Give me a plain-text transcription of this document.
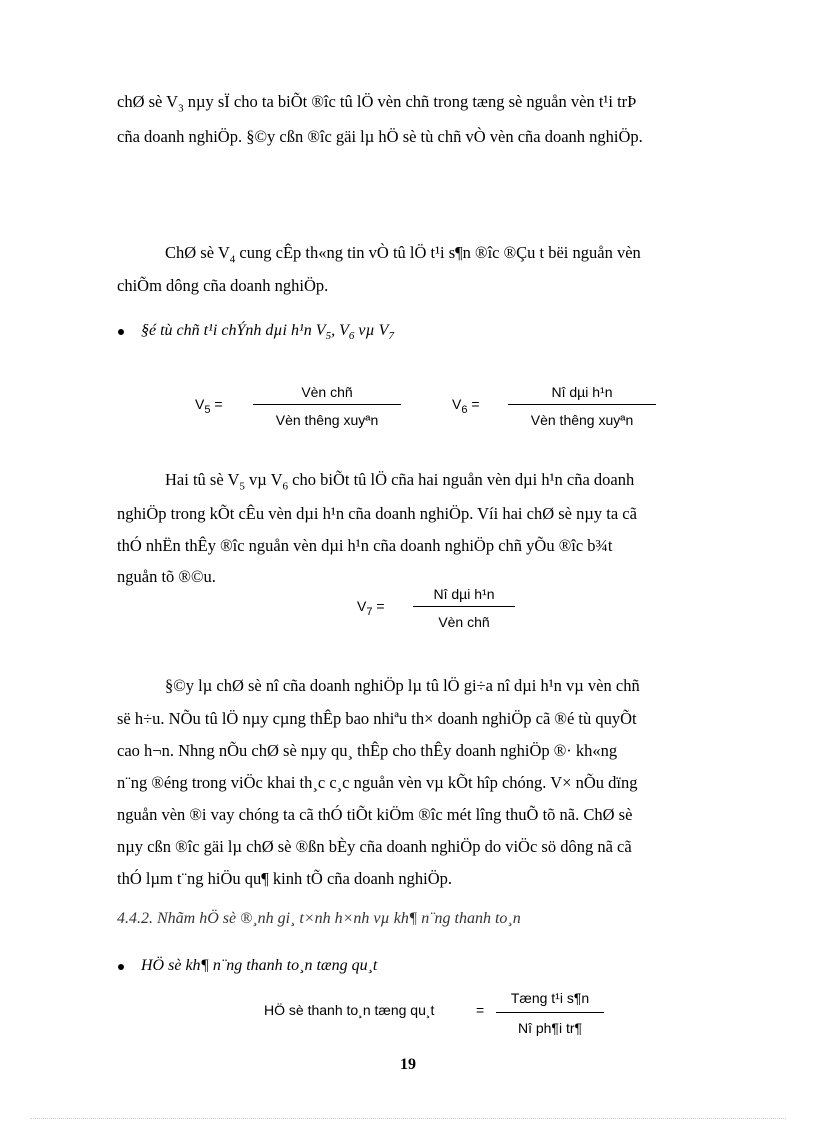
chØ sè $V_3$ nµy sÏ cho ta biÕt ®îc tû lÖ vèn chñ trong tæng sè nguån vèn t¹i trÞ
cña doanh nghiÖp. §©y cßn ®îc gäi lµ hÖ sè tù chñ vÒ vèn cña doanh nghiÖp.
ChØ sè $V_4$ cung cÊp th«ng tin vÒ tû lÖ t¹i s¶n ®îc ®Çu t bëi nguån vèn
chiÕm dông cña doanh nghiÖp.
§é tù chñ t¹i chÝnh dµi h¹n $V_5$, $V_6$ vµ $V_7$
$V_5$ =
Vèn chñ
Vèn thêng xuyªn
$V_6$ =
Nî dµi h¹n
Vèn thêng xuyªn
Hai tû sè $V_5$ vµ $V_6$ cho biÕt tû lÖ cña hai nguån vèn dµi h¹n cña doanh
nghiÖp trong kÕt cÊu vèn dµi h¹n cña doanh nghiÖp. Víi hai chØ sè nµy ta cã
thÓ nhËn thÊy ®îc nguån vèn dµi h¹n cña doanh nghiÖp chñ yÕu ®îc b¾t
nguån tõ ®©u.
$V_7$ =
Nî dµi h¹n
Vèn chñ
§©y lµ chØ sè nî cña doanh nghiÖp lµ tû lÖ gi÷a nî dµi h¹n vµ vèn chñ
së h÷u. NÕu tû lÖ nµy cµng thÊp bao nhiªu th× doanh nghiÖp cã ®é tù quyÕt
cao h¬n. Nhng nÕu chØ sè nµy qu¸ thÊp cho thÊy doanh nghiÖp ®· kh«ng
n¨ng ®éng trong viÖc khai th¸c c¸c nguån vèn vµ kÕt hîp chóng. V× nÕu dïng
nguån vèn ®i vay chóng ta cã thÓ tiÕt kiÖm ®îc mét lîng thuÕ tõ nã. ChØ sè
nµy cßn ®îc gäi lµ chØ sè ®ßn bÈy cña doanh nghiÖp do viÖc sö dông nã cã
thÓ lµm t¨ng hiÖu qu¶ kinh tÕ cña doanh nghiÖp.
4.4.2. Nhãm hÖ sè ®¸nh gi¸ t×nh h×nh vµ kh¶ n¨ng thanh to¸n
HÖ sè kh¶ n¨ng thanh to¸n tæng qu¸t
HÖ sè thanh to¸n tæng qu¸t	=
Tæng t¹i s¶n
Nî ph¶i tr¶
19
